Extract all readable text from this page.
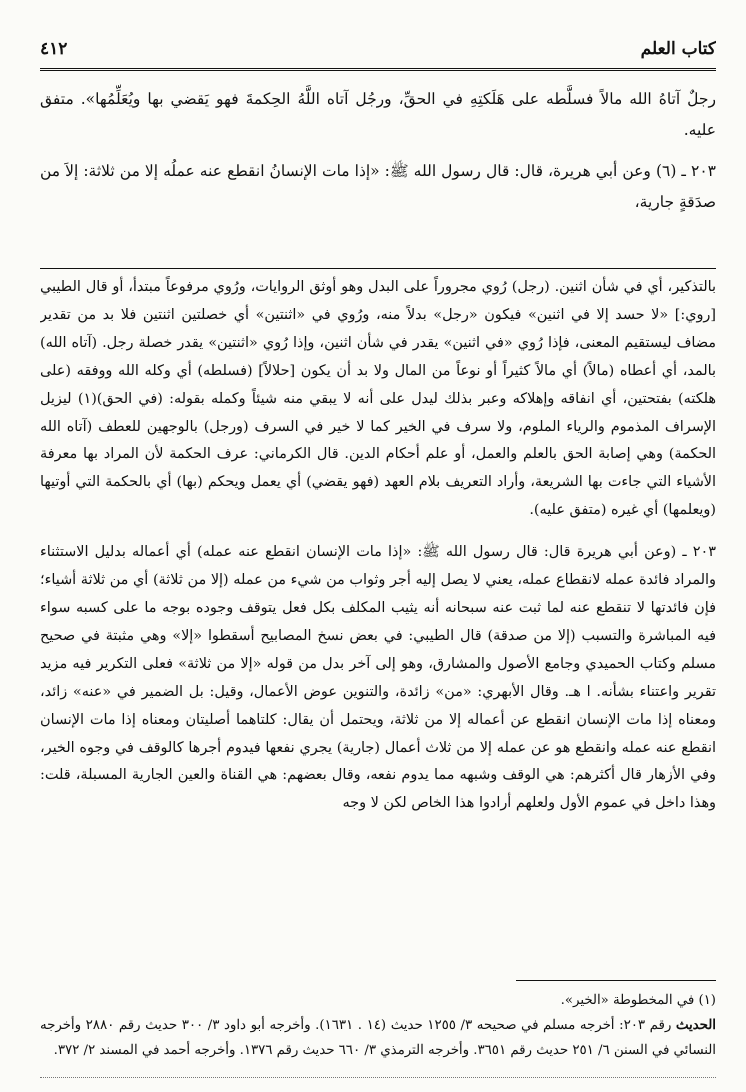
كتاب العلم
٤١٢

رجلٌ آتاهُ الله مالاً فسلَّطه على هَلَكتِهِ في الحقِّ، ورجُل آتاه اللَّهُ الحِكمةَ فهو يَقضي بها ويُعَلِّمُها». متفق عليه.

٢٠٣ ـ (٦) وعن أبي هريرة، قال: قال رسول الله ﷺ: «إذا مات الإنسانُ انقطع عنه عملُه إلا من ثلاثة: إلاَ من صدَقةٍ جارية،

بالتذكير، أي في شأن اثنين. (رجل) رُوي مجروراً على البدل وهو أوثق الروايات، ورُوي مرفوعاً مبتدأ، أو قال الطيبي [روي:] «لا حسد إلا في اثنين» فيكون «رجل» بدلاً منه، ورُوي في «اثنتين» أي خصلتين اثنتين فلا بد من تقدير مضاف ليستقيم المعنى، فإذا رُوي «في اثنين» يقدر في شأن اثنين، وإذا رُوي «اثنتين» يقدر خصلة رجل. (آتاه الله) بالمد، أي أعطاه (مالاً) أي مالاً كثيراً أو نوعاً من المال ولا بد أن يكون [حلالاً] (فسلطه) أي وكله الله ووفقه (على هلكته) بفتحتين، أي انفاقه وإهلاكه وعبر بذلك ليدل على أنه لا يبقي منه شيئاً وكمله بقوله: (في الحق)(١) ليزيل الإسراف المذموم والرياء الملوم، ولا سرف في الخير كما لا خير في السرف (ورجل) بالوجهين للعطف (آتاه الله الحكمة) وهي إصابة الحق بالعلم والعمل، أو علم أحكام الدين. قال الكرماني: عرف الحكمة لأن المراد بها معرفة الأشياء التي جاءت بها الشريعة، وأراد التعريف بلام العهد (فهو يقضي) أي يعمل ويحكم (بها) أي بالحكمة التي أوتيها (ويعلمها) أي غيره (متفق عليه).

٢٠٣ ـ (وعن أبي هريرة قال: قال رسول الله ﷺ: «إذا مات الإنسان انقطع عنه عمله) أي أعماله بدليل الاستثناء والمراد فائدة عمله لانقطاع عمله، يعني لا يصل إليه أجر وثواب من شيء من عمله (إلا من ثلاثة) أي من ثلاثة أشياء؛ فإن فائدتها لا تنقطع عنه لما ثبت عنه سبحانه أنه يثيب المكلف بكل فعل يتوقف وجوده بوجه ما على كسبه سواء فيه المباشرة والتسبب (إلا من صدقة) قال الطيبي: في بعض نسخ المصابيح أسقطوا «إلا» وهي مثبتة في صحيح مسلم وكتاب الحميدي وجامع الأصول والمشارق، وهو إلى آخر بدل من قوله «إلا من ثلاثة» فعلى التكرير فيه مزيد تقرير واعتناء بشأنه. ا هـ. وقال الأبهري: «من» زائدة، والتنوين عوض الأعمال، وقيل: بل الضمير في «عنه» زائد، ومعناه إذا مات الإنسان انقطع عن أعماله إلا من ثلاثة، ويحتمل أن يقال: كلتاهما أصليتان ومعناه إذا مات الإنسان انقطع عنه عمله وانقطع هو عن عمله إلا من ثلاث أعمال (جارية) يجري نفعها فيدوم أجرها كالوقف في وجوه الخير، وفي الأزهار قال أكثرهم: هي الوقف وشبهه مما يدوم نفعه، وقال بعضهم: هي القناة والعين الجارية المسبلة، قلت: وهذا داخل في عموم الأول ولعلهم أرادوا هذا الخاص لكن لا وجه

(١) في المخطوطة «الخير».

الحديث رقم ٢٠٣: أخرجه مسلم في صحيحه ٣/ ١٢٥٥ حديث (١٤ . ١٦٣١). وأخرجه أبو داود ٣/ ٣٠٠ حديث رقم ٢٨٨٠ وأخرجه النسائي في السنن ٦/ ٢٥١ حديث رقم ٣٦٥١. وأخرجه الترمذي ٣/ ٦٦٠ حديث رقم ١٣٧٦. وأخرجه أحمد في المسند ٢/ ٣٧٢.
